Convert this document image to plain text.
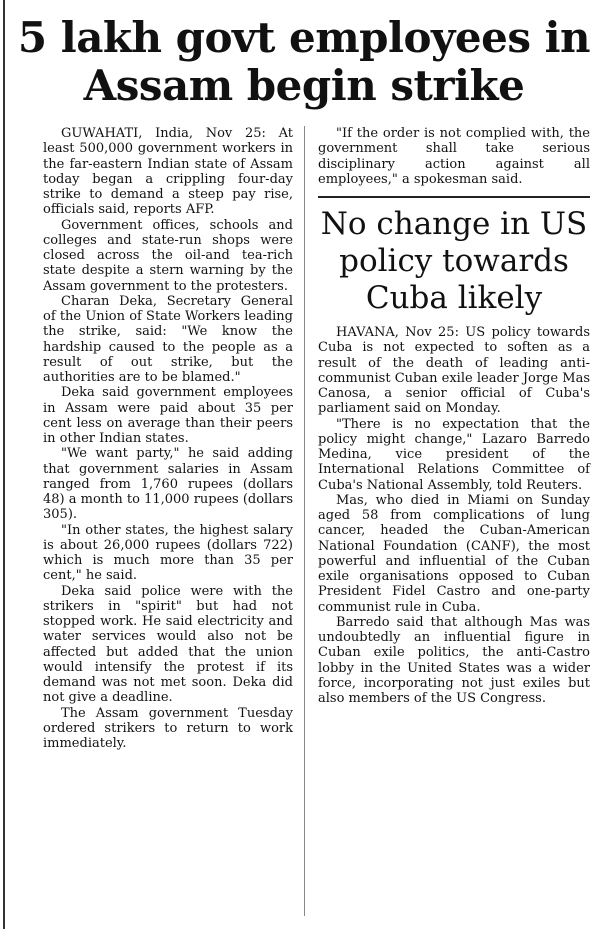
5 lakh govt employees in Assam begin strike

GUWAHATI, India, Nov 25: At least 500,000 government workers in the far-eastern Indian state of Assam today began a crippling four-day strike to demand a steep pay rise, officials said, reports AFP.

Government offices, schools and colleges and state-run shops were closed across the oil-and tea-rich state despite a stern warning by the Assam government to the protesters.

Charan Deka, Secretary General of the Union of State Workers leading the strike, said: "We know the hardship caused to the people as a result of out strike, but the authorities are to be blamed."

Deka said government employees in Assam were paid about 35 per cent less on average than their peers in other Indian states.

"We want party," he said adding that government salaries in Assam ranged from 1,760 rupees (dollars 48) a month to 11,000 rupees (dollars 305).

"In other states, the highest salary is about 26,000 rupees (dollars 722) which is much more than 35 per cent," he said.

Deka said police were with the strikers in "spirit" but had not stopped work. He said electricity and water services would also not be affected but added that the union would intensify the protest if its demand was not met soon. Deka did not give a deadline.

The Assam government Tuesday ordered strikers to return to work immediately.

"If the order is not complied with, the government shall take serious disciplinary action against all employees," a spokesman said.

No change in US policy towards Cuba likely

HAVANA, Nov 25: US policy towards Cuba is not expected to soften as a result of the death of leading anti-communist Cuban exile leader Jorge Mas Canosa, a senior official of Cuba's parliament said on Monday.

"There is no expectation that the policy might change," Lazaro Barredo Medina, vice president of the International Relations Committee of Cuba's National Assembly, told Reuters.

Mas, who died in Miami on Sunday aged 58 from complications of lung cancer, headed the Cuban-American National Foundation (CANF), the most powerful and influential of the Cuban exile organisations opposed to Cuban President Fidel Castro and one-party communist rule in Cuba.

Barredo said that although Mas was undoubtedly an influential figure in Cuban exile politics, the anti-Castro lobby in the United States was a wider force, incorporating not just exiles but also members of the US Congress.
